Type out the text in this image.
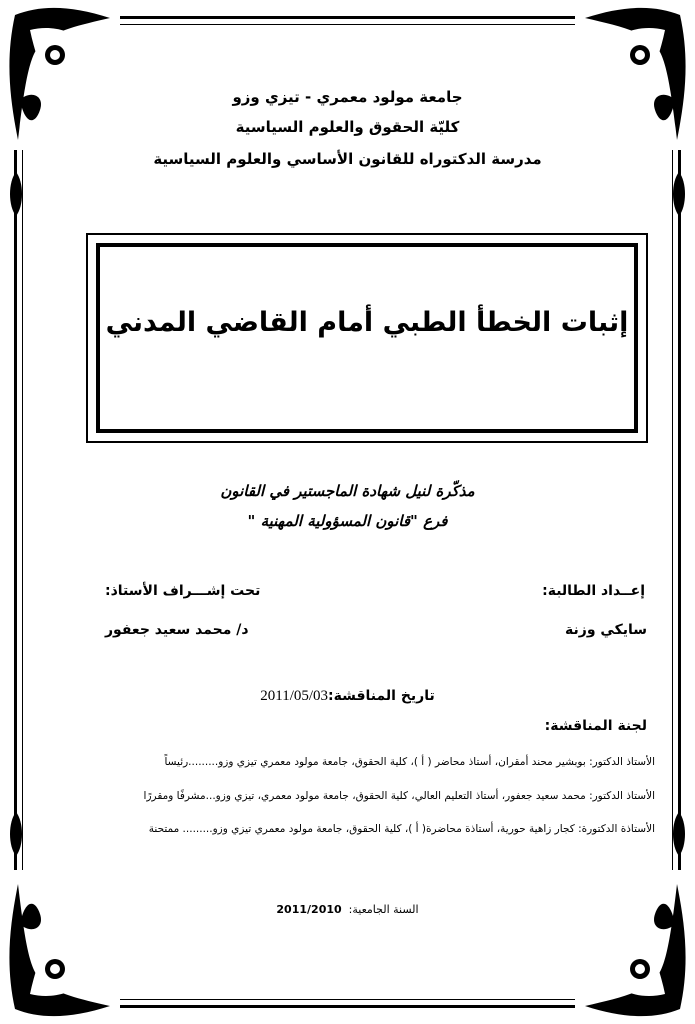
جامعة مولود معمري - تيزي وزو
كليّة الحقوق والعلوم السياسية
مدرسة الدكتوراه للقانون الأساسي والعلوم السياسية
إثبات الخطأ الطبي أمام القاضي المدني
مذكّرة لنيل شهادة الماجستير في القانون
فرع "قانون المسؤولية المهنية "
إعــداد الطالبة:
سايكي وزنة
تحت إشـــراف الأستاذ:
د/ محمد سعيد جعفور
تاريخ المناقشة:2011/05/03
لجنة المناقشة:
الأستاذ الدكتور: بوبشير محند أمقران، أستاذ محاضر ( أ )، كلية الحقوق، جامعة مولود معمري تيزي وزو.........رئيساً
الأستاذ الدكتور: محمد سعيد جعفور، أستاذ التعليم العالي، كلية الحقوق، جامعة مولود معمري، تيزي وزو...مشرفًا ومقررًا
الأستاذة الدكتورة: كجار زاهية حورية، أستاذة محاضرة( أ )، كلية الحقوق، جامعة مولود معمري تيزي وزو......... ممتحنة
السنة الجامعية:  2011/2010
